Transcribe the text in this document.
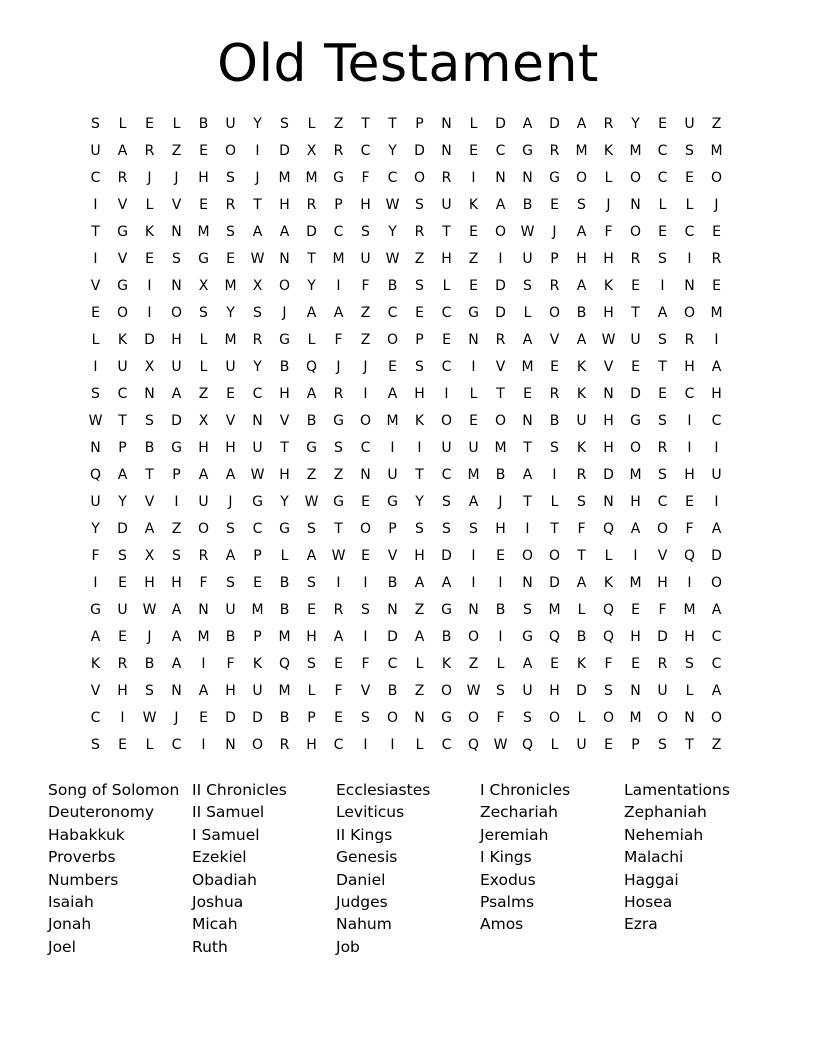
Old Testament
S	L	E	L	B	U	Y	S	L	Z	T	T	P	N	L	D	A	D	A	R	Y	E	U	Z
U	A	R	Z	E	O	I	D	X	R	C	Y	D	N	E	C	G	R	M	K	M	C	S	M
C	R	J	J	H	S	J	M	M	G	F	C	O	R	I	N	N	G	O	L	O	C	E	O
I	V	L	V	E	R	T	H	R	P	H	W	S	U	K	A	B	E	S	J	N	L	L	J
T	G	K	N	M	S	A	A	D	C	S	Y	R	T	E	O	W	J	A	F	O	E	C	E
I	V	E	S	G	E	W	N	T	M	U	W	Z	H	Z	I	U	P	H	H	R	S	I	R
V	G	I	N	X	M	X	O	Y	I	F	B	S	L	E	D	S	R	A	K	E	I	N	E
E	O	I	O	S	Y	S	J	A	A	Z	C	E	C	G	D	L	O	B	H	T	A	O	M
L	K	D	H	L	M	R	G	L	F	Z	O	P	E	N	R	A	V	A	W	U	S	R	I
I	U	X	U	L	U	Y	B	Q	J	J	E	S	C	I	V	M	E	K	V	E	T	H	A
S	C	N	A	Z	E	C	H	A	R	I	A	H	I	L	T	E	R	K	N	D	E	C	H
W	T	S	D	X	V	N	V	B	G	O	M	K	O	E	O	N	B	U	H	G	S	I	C
N	P	B	G	H	H	U	T	G	S	C	I	I	U	U	M	T	S	K	H	O	R	I	I
Q	A	T	P	A	A	W	H	Z	Z	N	U	T	C	M	B	A	I	R	D	M	S	H	U
U	Y	V	I	U	J	G	Y	W	G	E	G	Y	S	A	J	T	L	S	N	H	C	E	I
Y	D	A	Z	O	S	C	G	S	T	O	P	S	S	S	H	I	T	F	Q	A	O	F	A
F	S	X	S	R	A	P	L	A	W	E	V	H	D	I	E	O	O	T	L	I	V	Q	D
I	E	H	H	F	S	E	B	S	I	I	B	A	A	I	I	N	D	A	K	M	H	I	O
G	U	W	A	N	U	M	B	E	R	S	N	Z	G	N	B	S	M	L	Q	E	F	M	A
A	E	J	A	M	B	P	M	H	A	I	D	A	B	O	I	G	Q	B	Q	H	D	H	C
K	R	B	A	I	F	K	Q	S	E	F	C	L	K	Z	L	A	E	K	F	E	R	S	C
V	H	S	N	A	H	U	M	L	F	V	B	Z	O	W	S	U	H	D	S	N	U	L	A
C	I	W	J	E	D	D	B	P	E	S	O	N	G	O	F	S	O	L	O	M	O	N	O
S	E	L	C	I	N	O	R	H	C	I	I	L	C	Q	W	Q	L	U	E	P	S	T	Z
Song of Solomon
Deuteronomy
Habakkuk
Proverbs
Numbers
Isaiah
Jonah
Joel
II Chronicles
II Samuel
I Samuel
Ezekiel
Obadiah
Joshua
Micah
Ruth
Ecclesiastes
Leviticus
II Kings
Genesis
Daniel
Judges
Nahum
Job
I Chronicles
Zechariah
Jeremiah
I Kings
Exodus
Psalms
Amos
Lamentations
Zephaniah
Nehemiah
Malachi
Haggai
Hosea
Ezra
